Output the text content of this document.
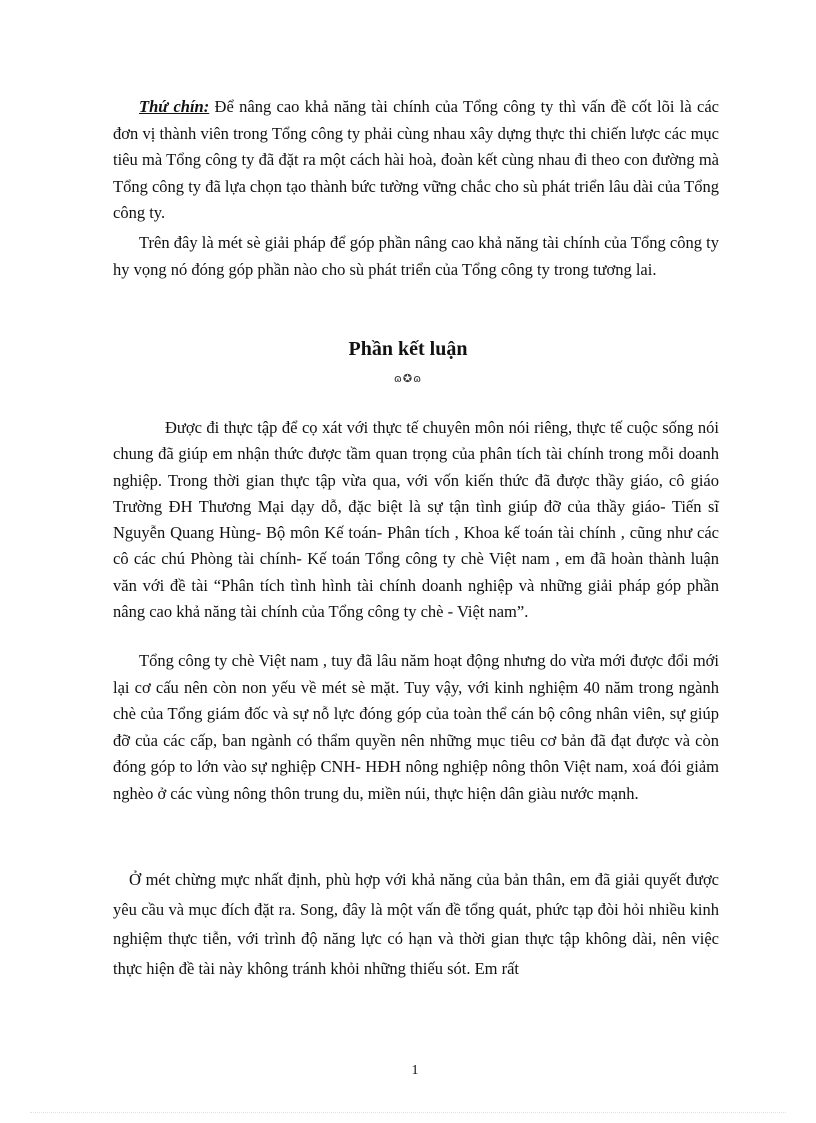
Thứ chín: Để nâng cao khả năng tài chính của Tổng công ty thì vấn đề cốt lõi là các đơn vị thành viên trong Tổng công ty phải cùng nhau xây dựng thực thi chiến lược các mục tiêu mà Tổng công ty đã đặt ra một cách hài hoà, đoàn kết cùng nhau đi theo con đường mà Tổng công ty đã lựa chọn tạo thành bức tường vững chắc cho sù phát triển lâu dài của Tổng công ty.

Trên đây là mét sè giải pháp để góp phần nâng cao khả năng tài chính của Tổng công ty hy vọng nó đóng góp phần nào cho sù phát triển của Tổng công ty trong tương lai.

Phần kết luận
ɷ✪ɷ

Được đi thực tập để cọ xát với thực tế chuyên môn nói riêng, thực tế cuộc sống nói chung đã giúp em nhận thức được tầm quan trọng của phân tích tài chính trong mỗi doanh nghiệp. Trong thời gian thực tập vừa qua, với vốn kiến thức đã được thầy giáo, cô giáo Trường ĐH Thương Mại dạy dỗ, đặc biệt là sự tận tình giúp đỡ của thầy giáo- Tiến sĩ Nguyễn Quang Hùng- Bộ môn Kế toán- Phân tích , Khoa kế toán tài chính , cũng như các cô các chú Phòng tài chính- Kế toán Tổng công ty chè Việt nam , em đã hoàn thành luận văn với đề tài “Phân tích tình hình tài chính doanh nghiệp và những giải pháp góp phần nâng cao khả năng tài chính của Tổng công ty chè - Việt nam”.

Tổng công ty chè Việt nam , tuy đã lâu năm hoạt động nhưng do vừa mới được đổi mới lại cơ cấu nên còn non yếu về mét sè mặt. Tuy vậy, với kinh nghiệm 40 năm trong ngành chè của Tổng giám đốc và sự nỗ lực đóng góp của toàn thể cán bộ công nhân viên, sự giúp đỡ của các cấp, ban ngành có thẩm quyền nên những mục tiêu cơ bản đã đạt được và còn đóng góp to lớn vào sự nghiệp CNH- HĐH nông nghiệp nông thôn Việt nam, xoá đói giảm nghèo ở các vùng nông thôn trung du, miền núi, thực hiện dân giàu nước mạnh.

Ở mét chừng mực nhất định, phù hợp với khả năng của bản thân, em đã giải quyết được yêu cầu và mục đích đặt ra. Song, đây là một vấn đề tổng quát, phức tạp đòi hỏi nhiều kinh nghiệm thực tiễn, với trình độ năng lực có hạn và thời gian thực tập không dài, nên việc thực hiện đề tài này không tránh khỏi những thiếu sót. Em rất

1
